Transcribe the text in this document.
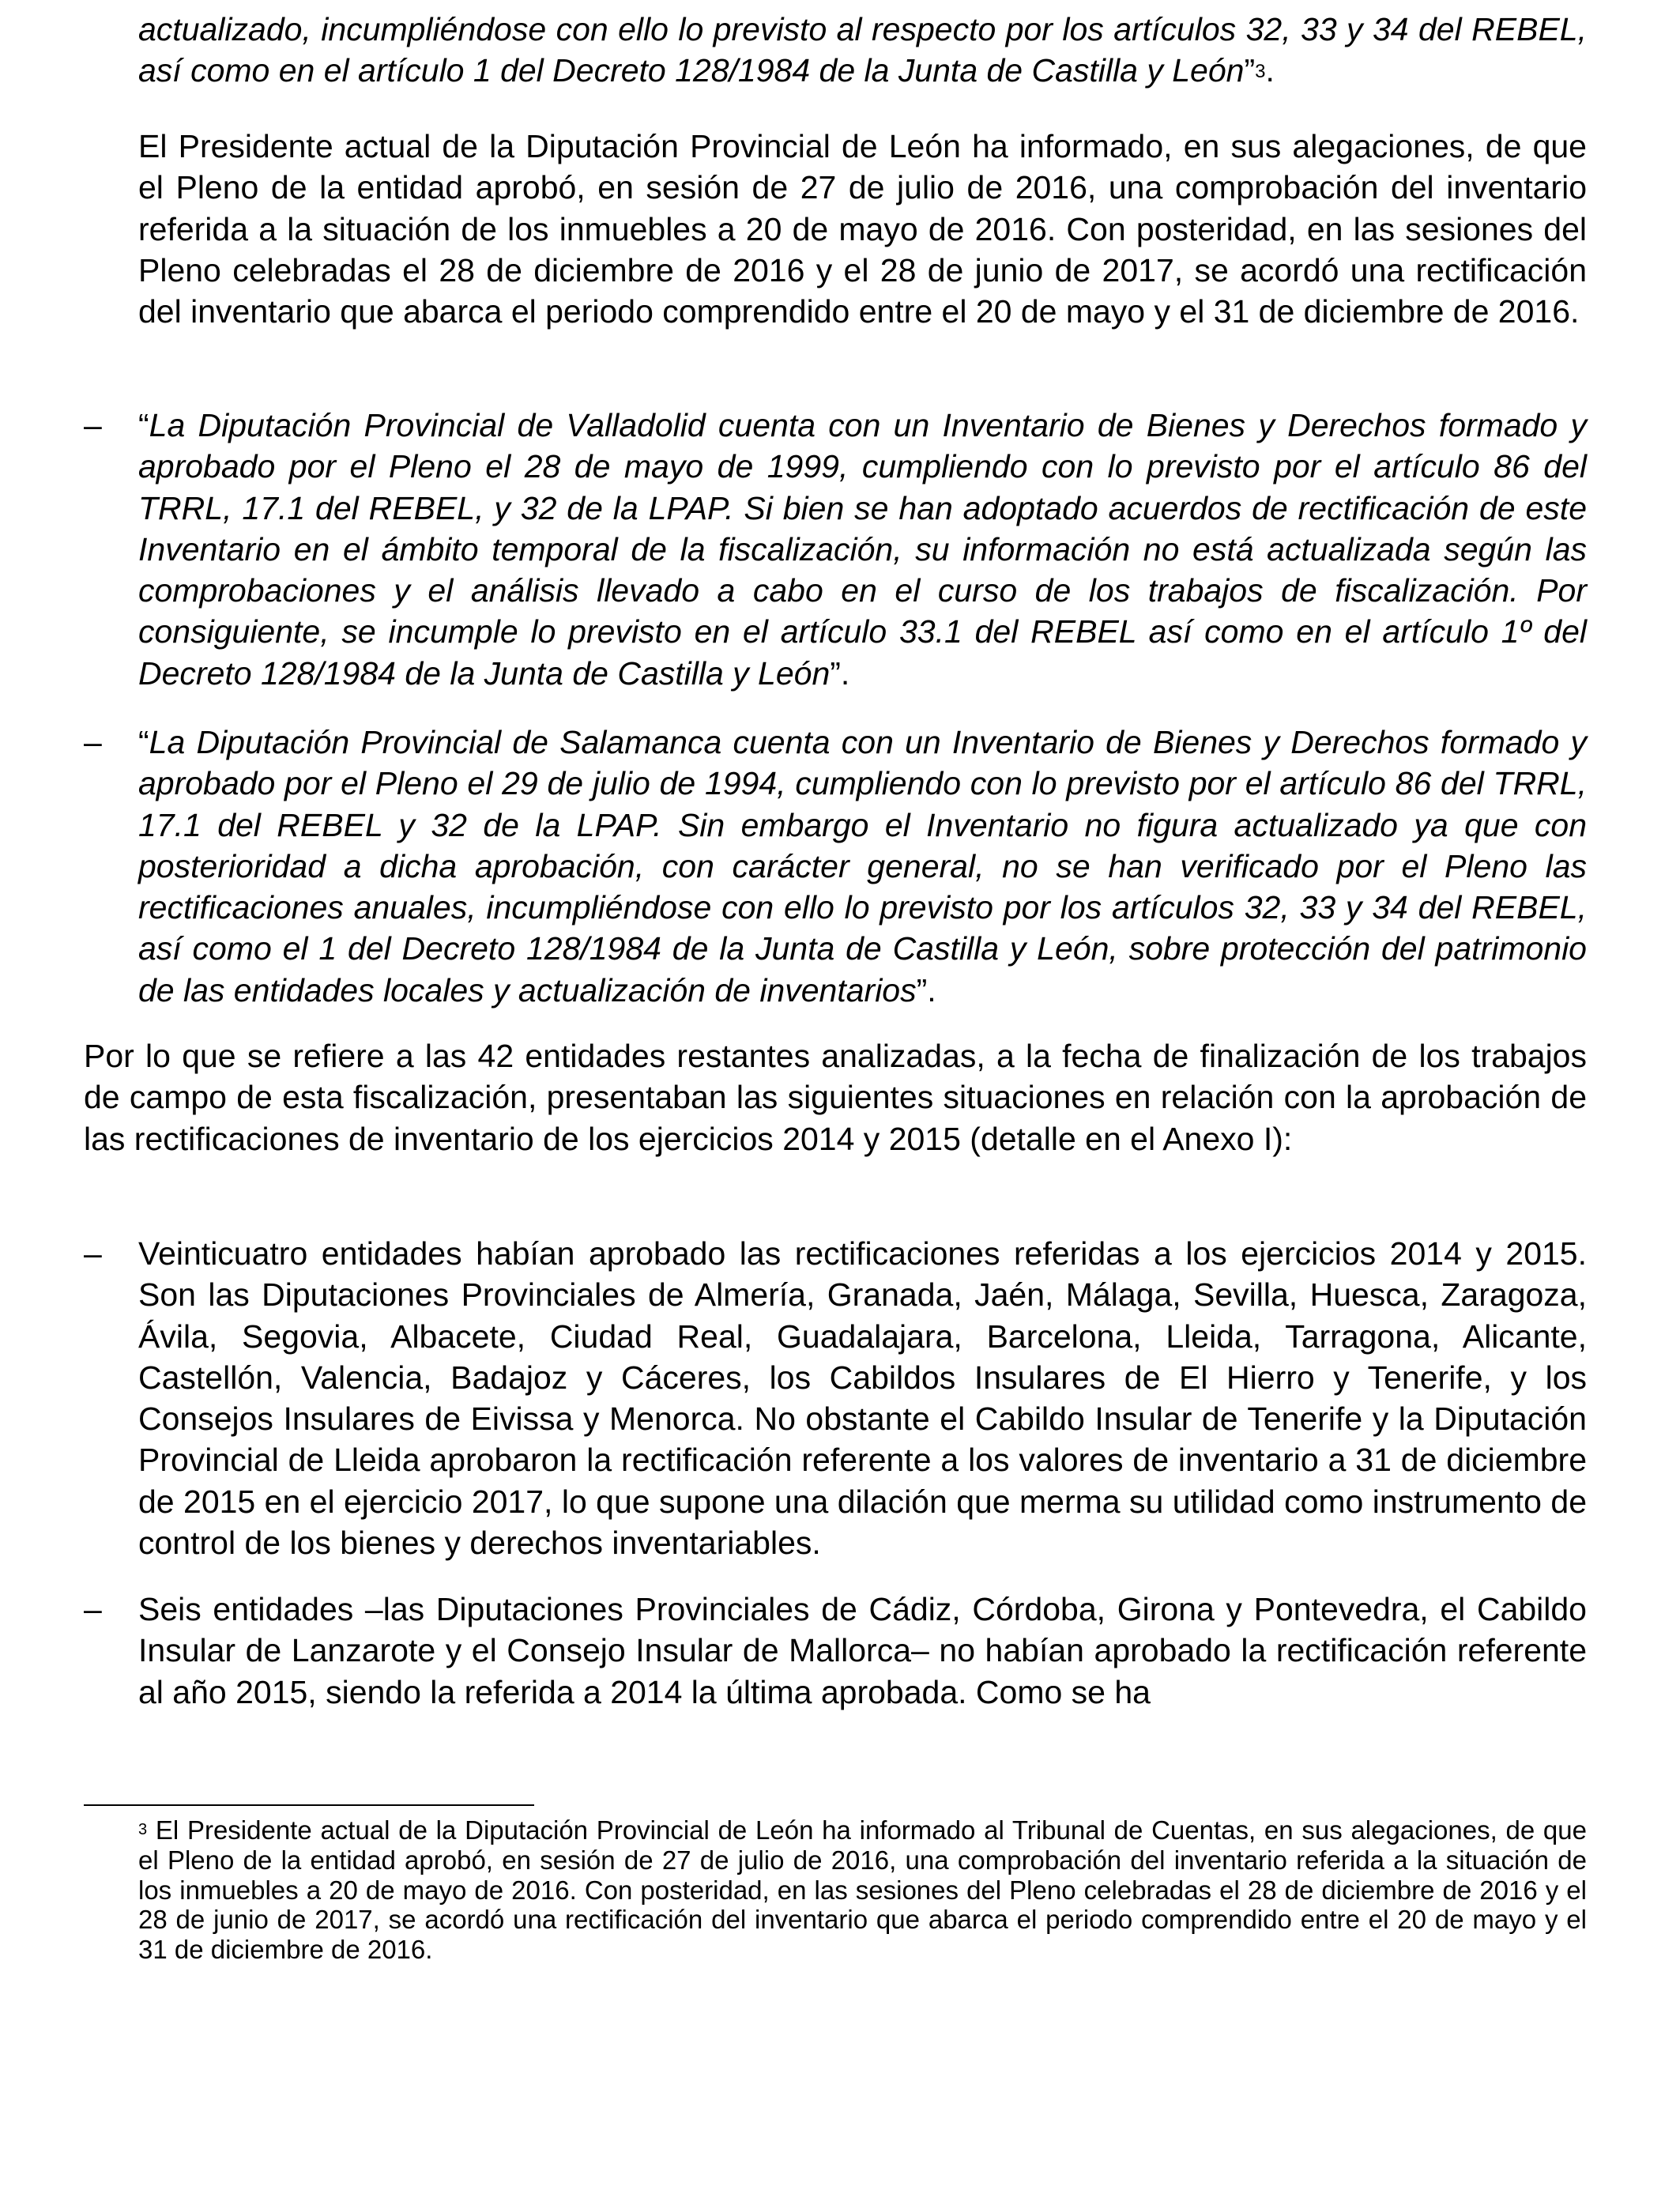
actualizado, incumpliéndose con ello lo previsto al respecto por los artículos 32, 33 y 34 del REBEL, así como en el artículo 1 del Decreto 128/1984 de la Junta de Castilla y León”$^3$.

El Presidente actual de la Diputación Provincial de León ha informado, en sus alegaciones, de que el Pleno de la entidad aprobó, en sesión de 27 de julio de 2016, una comprobación del inventario referida a la situación de los inmuebles a 20 de mayo de 2016. Con posteridad, en las sesiones del Pleno celebradas el 28 de diciembre de 2016 y el 28 de junio de 2017, se acordó una rectificación del inventario que abarca el periodo comprendido entre el 20 de mayo y el 31 de diciembre de 2016.

– “La Diputación Provincial de Valladolid cuenta con un Inventario de Bienes y Derechos formado y aprobado por el Pleno el 28 de mayo de 1999, cumpliendo con lo previsto por el artículo 86 del TRRL, 17.1 del REBEL, y 32 de la LPAP. Si bien se han adoptado acuerdos de rectificación de este Inventario en el ámbito temporal de la fiscalización, su información no está actualizada según las comprobaciones y el análisis llevado a cabo en el curso de los trabajos de fiscalización. Por consiguiente, se incumple lo previsto en el artículo 33.1 del REBEL así como en el artículo 1º del Decreto 128/1984 de la Junta de Castilla y León”.

– “La Diputación Provincial de Salamanca cuenta con un Inventario de Bienes y Derechos formado y aprobado por el Pleno el 29 de julio de 1994, cumpliendo con lo previsto por el artículo 86 del TRRL, 17.1 del REBEL y 32 de la LPAP. Sin embargo el Inventario no figura actualizado ya que con posterioridad a dicha aprobación, con carácter general, no se han verificado por el Pleno las rectificaciones anuales, incumpliéndose con ello lo previsto por los artículos 32, 33 y 34 del REBEL, así como el 1 del Decreto 128/1984 de la Junta de Castilla y León, sobre protección del patrimonio de las entidades locales y actualización de inventarios”.

Por lo que se refiere a las 42 entidades restantes analizadas, a la fecha de finalización de los trabajos de campo de esta fiscalización, presentaban las siguientes situaciones en relación con la aprobación de las rectificaciones de inventario de los ejercicios 2014 y 2015 (detalle en el Anexo I):

– Veinticuatro entidades habían aprobado las rectificaciones referidas a los ejercicios 2014 y 2015. Son las Diputaciones Provinciales de Almería, Granada, Jaén, Málaga, Sevilla, Huesca, Zaragoza, Ávila, Segovia, Albacete, Ciudad Real, Guadalajara, Barcelona, Lleida, Tarragona, Alicante, Castellón, Valencia, Badajoz y Cáceres, los Cabildos Insulares de El Hierro y Tenerife, y los Consejos Insulares de Eivissa y Menorca. No obstante el Cabildo Insular de Tenerife y la Diputación Provincial de Lleida aprobaron la rectificación referente a los valores de inventario a 31 de diciembre de 2015 en el ejercicio 2017, lo que supone una dilación que merma su utilidad como instrumento de control de los bienes y derechos inventariables.

– Seis entidades –las Diputaciones Provinciales de Cádiz, Córdoba, Girona y Pontevedra, el Cabildo Insular de Lanzarote y el Consejo Insular de Mallorca– no habían aprobado la rectificación referente al año 2015, siendo la referida a 2014 la última aprobada. Como se ha

$^3$ El Presidente actual de la Diputación Provincial de León ha informado al Tribunal de Cuentas, en sus alegaciones, de que el Pleno de la entidad aprobó, en sesión de 27 de julio de 2016, una comprobación del inventario referida a la situación de los inmuebles a 20 de mayo de 2016. Con posteridad, en las sesiones del Pleno celebradas el 28 de diciembre de 2016 y el 28 de junio de 2017, se acordó una rectificación del inventario que abarca el periodo comprendido entre el 20 de mayo y el 31 de diciembre de 2016.
